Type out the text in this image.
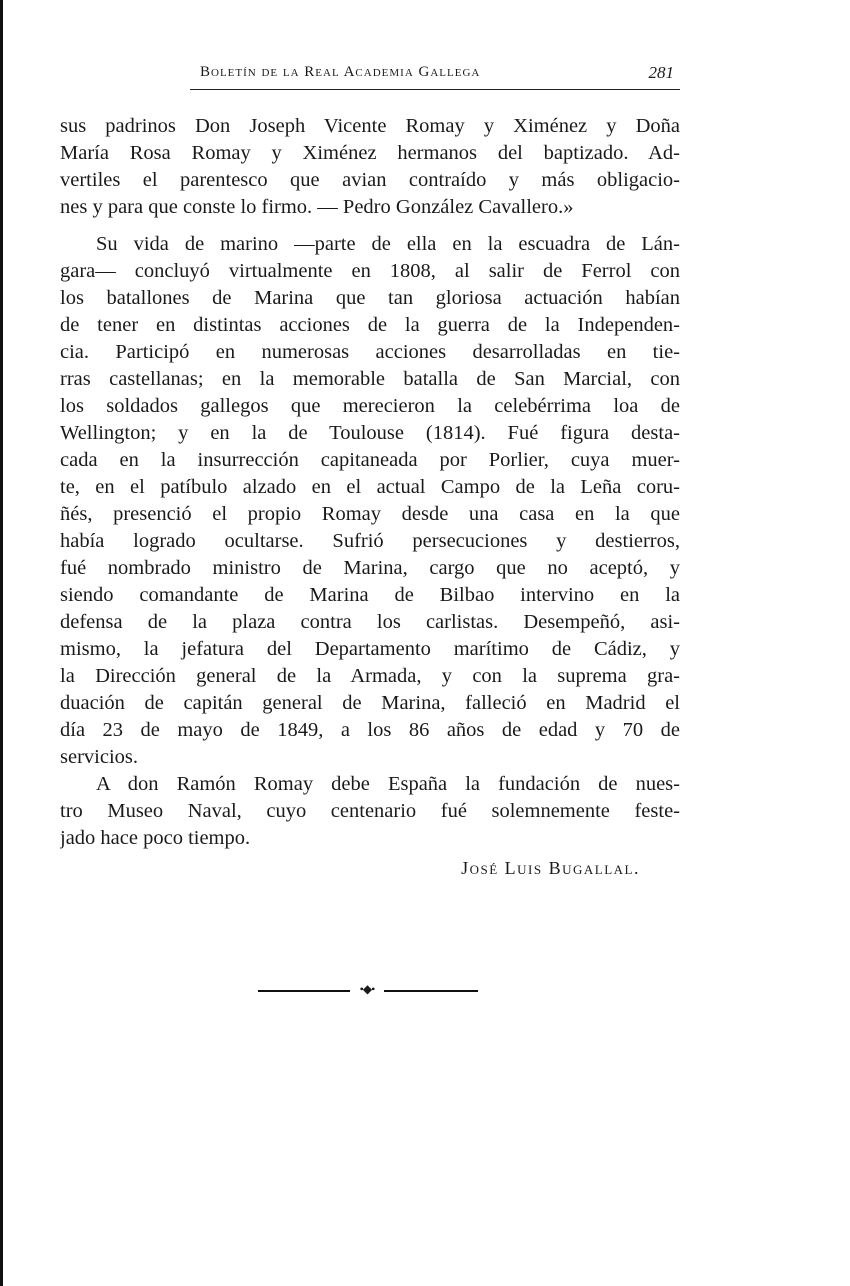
Boletín de la Real Academia Gallega	281
sus padrinos Don Joseph Vicente Romay y Ximénez y Doña
María Rosa Romay y Ximénez hermanos del baptizado. Ad-
vertiles el parentesco que avian contraído y más obligacio-
nes y para que conste lo firmo. — Pedro González Cavallero.»
Su vida de marino —parte de ella en la escuadra de Lán-
gara— concluyó virtualmente en 1808, al salir de Ferrol con
los batallones de Marina que tan gloriosa actuación habían
de tener en distintas acciones de la guerra de la Independen-
cia. Participó en numerosas acciones desarrolladas en tie-
rras castellanas; en la memorable batalla de San Marcial, con
los soldados gallegos que merecieron la celebérrima loa de
Wellington; y en la de Toulouse (1814). Fué figura desta-
cada en la insurrección capitaneada por Porlier, cuya muer-
te, en el patíbulo alzado en el actual Campo de la Leña coru-
ñés, presenció el propio Romay desde una casa en la que
había logrado ocultarse. Sufrió persecuciones y destierros,
fué nombrado ministro de Marina, cargo que no aceptó, y
siendo comandante de Marina de Bilbao intervino en la
defensa de la plaza contra los carlistas. Desempeñó, asi-
mismo, la jefatura del Departamento marítimo de Cádiz, y
la Dirección general de la Armada, y con la suprema gra-
duación de capitán general de Marina, falleció en Madrid el
día 23 de mayo de 1849, a los 86 años de edad y 70 de
servicios.
A don Ramón Romay debe España la fundación de nues-
tro Museo Naval, cuyo centenario fué solemnemente feste-
jado hace poco tiempo.
José Luis Bugallal.
•◆•
